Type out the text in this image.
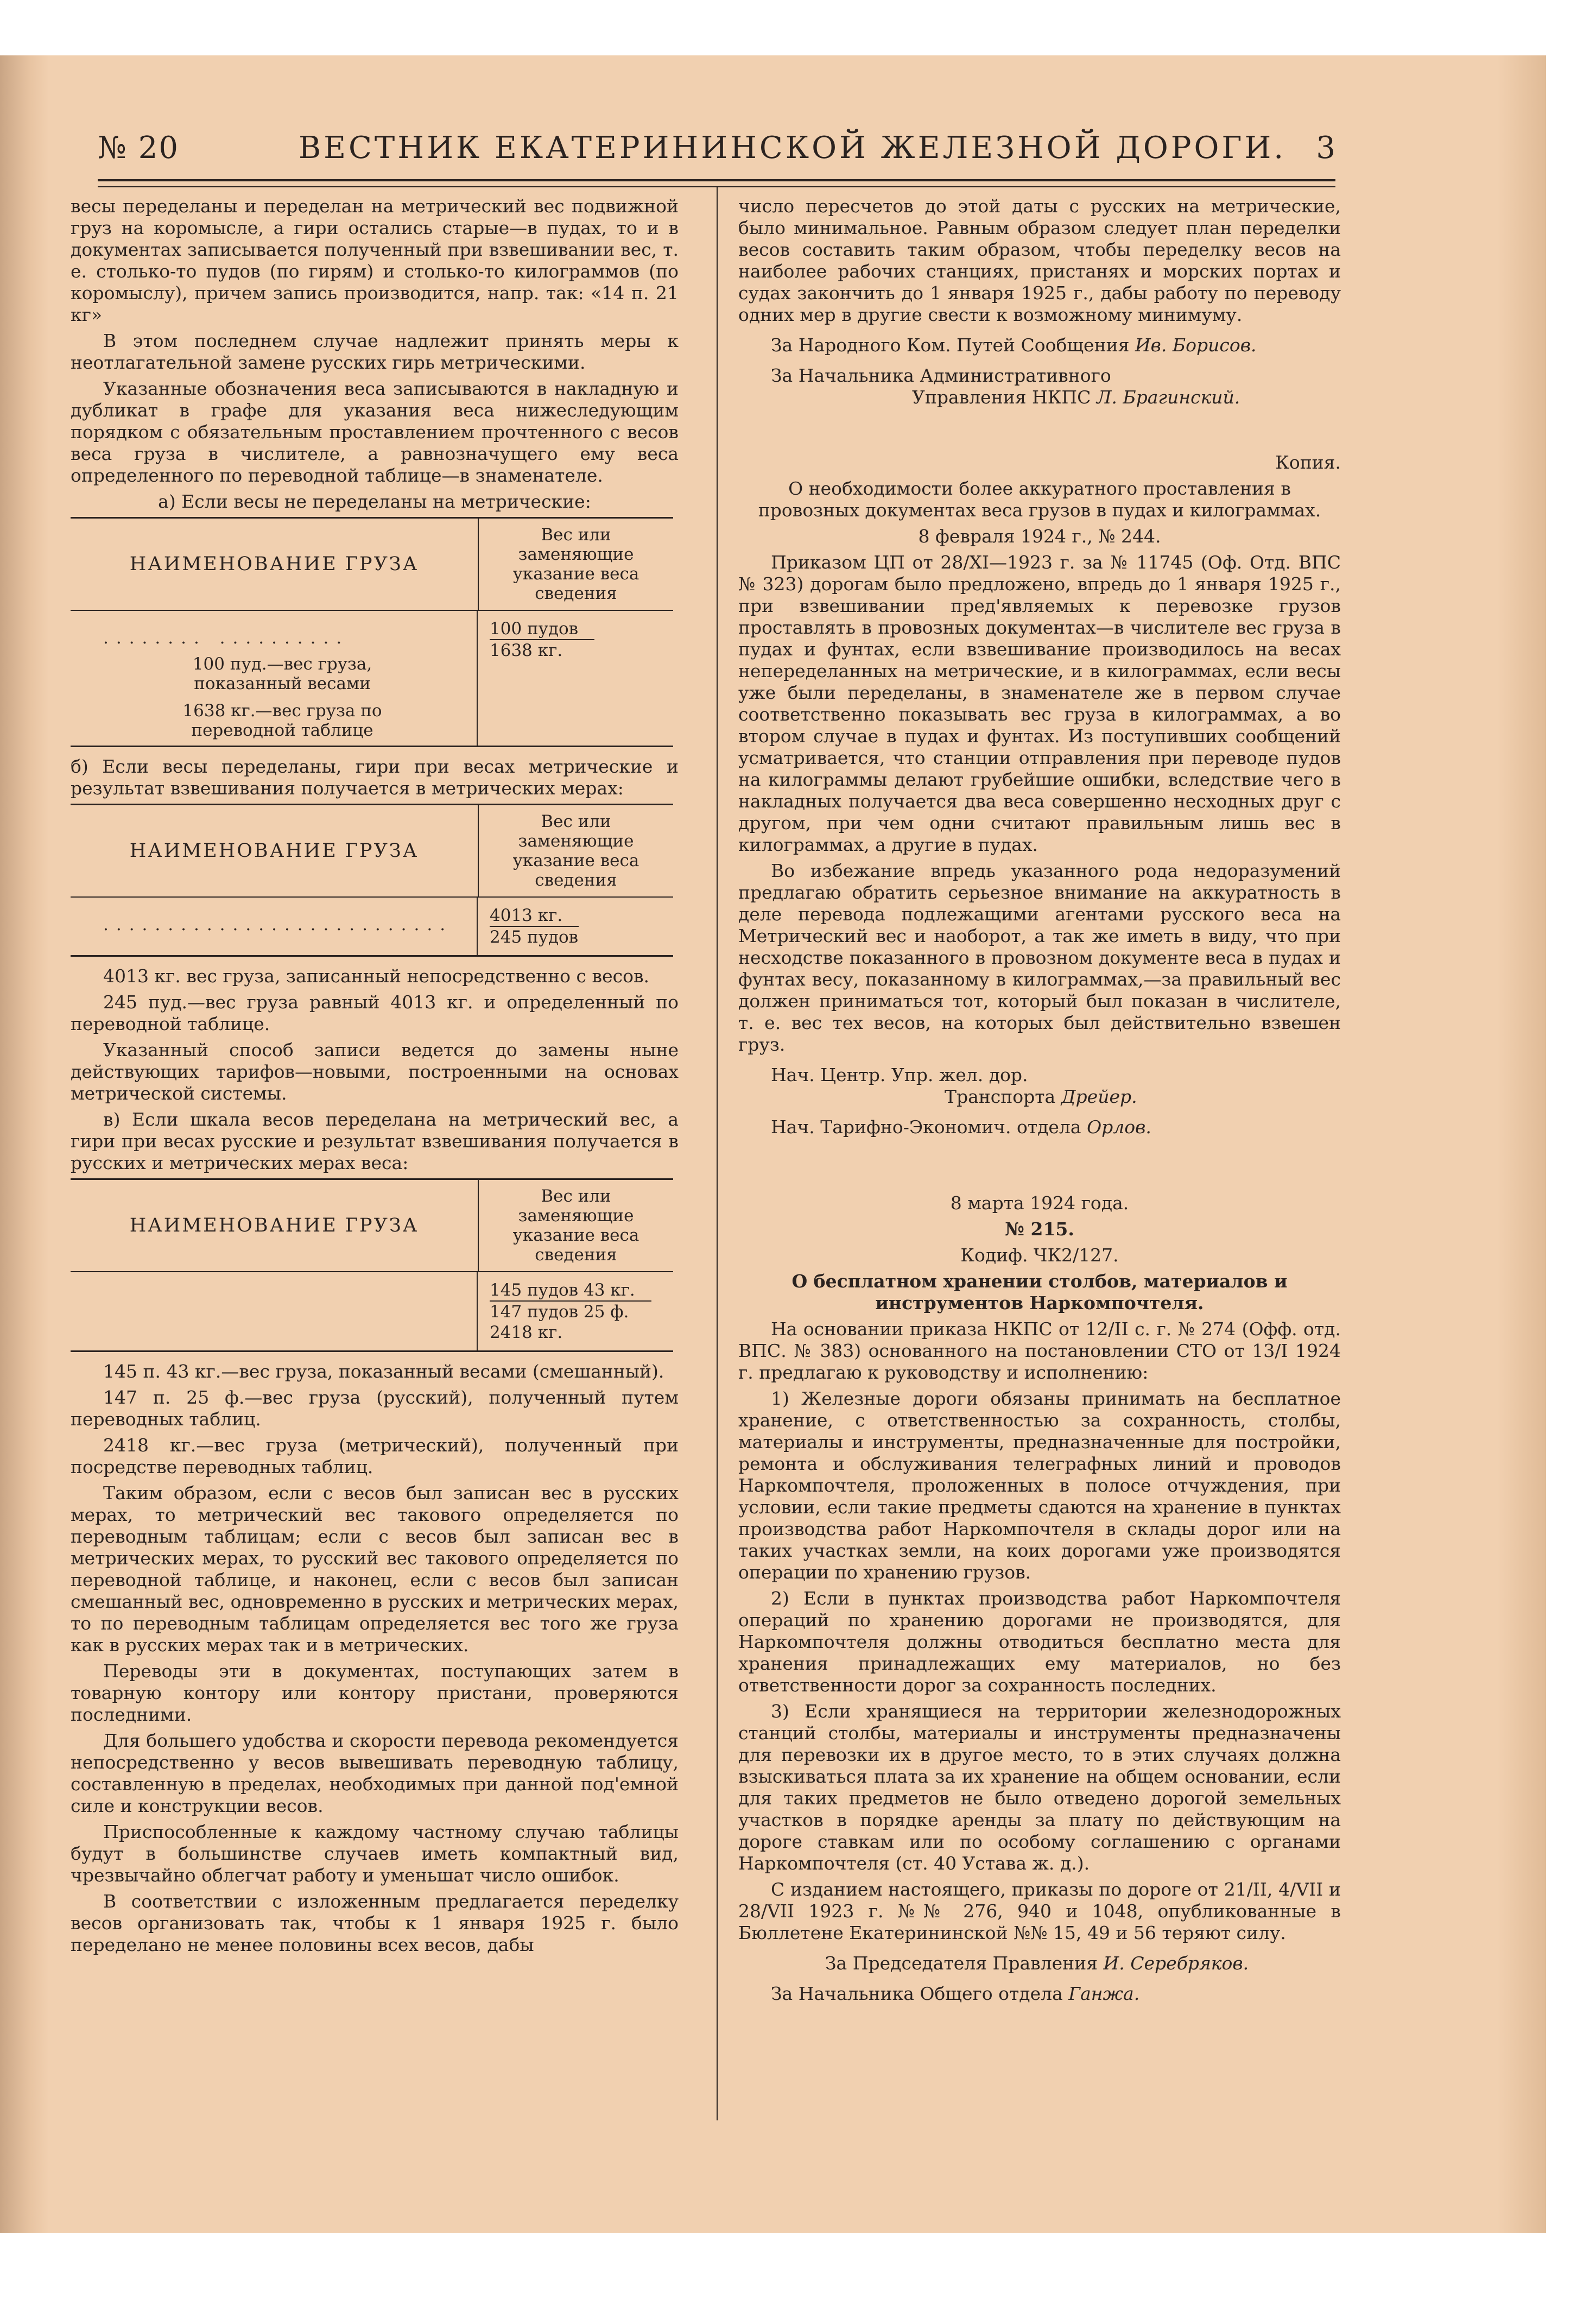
№ 20	ВЕСТНИК ЕКАТЕРИНИНСКОЙ ЖЕЛЕЗНОЙ ДОРОГИ. 3

весы переделаны и переделан на метрический вес подвижной груз на коромысле, а гири остались старые—в пудах, то и в документах записывается полученный при взвешивании вес, т. е. столько-то пудов (по гирям) и столько-то килограммов (по коромыслу), причем запись производится, напр. так: «14 п. 21 кг»

В этом последнем случае надлежит принять меры к неотлагательной замене русских гирь метрическими.

Указанные обозначения веса записываются в накладную и дубликат в графе для указания веса нижеследующим порядком с обязательным проставлением прочтенного с весов веса груза в числителе, а равнозначущего ему веса определенного по переводной таблице—в знаменателе.

а) Если весы не переделаны на метрические:

НАИМЕНОВАНИЕ ГРУЗА
Вес или заменяющие указание веса сведения
........ ..........
100 пуд.—вес груза, показанный весами
1638 кг.—вес груза по переводной таблице
100 пудов
1638 кг.

б) Если весы переделаны, гири при весах метрические и результат взвешивания получается в метрических мерах:

НАИМЕНОВАНИЕ ГРУЗА
Вес или заменяющие указание веса сведения
...........................	4013 кг.
245 пудов

4013 кг. вес груза, записанный непосредственно с весов.

245 пуд.—вес груза равный 4013 кг. и определенный по переводной таблице.

Указанный способ записи ведется до замены ныне действующих тарифов—новыми, построенными на основах метрической системы.

в) Если шкала весов переделана на метрический вес, а гири при весах русские и результат взвешивания получается в русских и метрических мерах веса:

НАИМЕНОВАНИЕ ГРУЗА
Вес или заменяющие указание веса сведения
145 пудов 43 кг.
147 пудов 25 ф.
2418 кг.

145 п. 43 кг.—вес груза, показанный весами (смешанный).

147 п. 25 ф.—вес груза (русский), полученный путем переводных таблиц.

2418 кг.—вес груза (метрический), полученный при посредстве переводных таблиц.

Таким образом, если с весов был записан вес в русских мерах, то метрический вес такового определяется по переводным таблицам; если с весов был записан вес в метрических мерах, то русский вес такового определяется по переводной таблице, и наконец, если с весов был записан смешанный вес, одновременно в русских и метрических мерах, то по переводным таблицам определяется вес того же груза как в русских мерах так и в метрических.

Переводы эти в документах, поступающих затем в товарную контору или контору пристани, проверяются последними.

Для большего удобства и скорости перевода рекомендуется непосредственно у весов вывешивать переводную таблицу, составленную в пределах, необходимых при данной под'емной силе и конструкции весов.

Приспособленные к каждому частному случаю таблицы будут в большинстве случаев иметь компактный вид, чрезвычайно облегчат работу и уменьшат число ошибок.

В соответствии с изложенным предлагается переделку весов организовать так, чтобы к 1 января 1925 г. было переделано не менее половины всех весов, дабы

число пересчетов до этой даты с русских на метрические, было минимальное. Равным образом следует план переделки весов составить таким образом, чтобы переделку весов на наиболее рабочих станциях, пристанях и морских портах и судах закончить до 1 января 1925 г., дабы работу по переводу одних мер в другие свести к возможному минимуму.

За Народного Ком. Путей Сообщения Ив. Борисов.

За Начальника Административного

Управления НКПС Л. Брагинский.

Копия.

О необходимости более аккуратного проставления в провозных документах веса грузов в пудах и килограммах.

8 февраля 1924 г., № 244.

Приказом ЦП от 28/XI—1923 г. за № 11745 (Оф. Отд. ВПС № 323) дорогам было предложено, впредь до 1 января 1925 г., при взвешивании пред'являемых к перевозке грузов проставлять в провозных документах—в числителе вес груза в пудах и фунтах, если взвешивание производилось на весах непеределанных на метрические, и в килограммах, если весы уже были переделаны, в знаменателе же в первом случае соответственно показывать вес груза в килограммах, а во втором случае в пудах и фунтах. Из поступивших сообщений усматривается, что станции отправления при переводе пудов на килограммы делают грубейшие ошибки, вследствие чего в накладных получается два веса совершенно несходных друг с другом, при чем одни считают правильным лишь вес в килограммах, а другие в пудах.

Во избежание впредь указанного рода недоразумений предлагаю обратить серьезное внимание на аккуратность в деле перевода подлежащими агентами русского веса на Метрический вес и наоборот, а так же иметь в виду, что при несходстве показанного в провозном документе веса в пудах и фунтах весу, показанному в килограммах,—за правильный вес должен приниматься тот, который был показан в числителе, т. е. вес тех весов, на которых был действительно взвешен груз.

Нач. Центр. Упр. жел. дор.

Транспорта Дрейер.

Нач. Тарифно-Экономич. отдела Орлов.

8 марта 1924 года.

№ 215.

Кодиф. ЧК2/127.

О бесплатном хранении столбов, материалов и инструментов Наркомпочтеля.

На основании приказа НКПС от 12/II с. г. № 274 (Офф. отд. ВПС. № 383) основанного на постановлении СТО от 13/I 1924 г. предлагаю к руководству и исполнению:

1) Железные дороги обязаны принимать на бесплатное хранение, с ответственностью за сохранность, столбы, материалы и инструменты, предназначенные для постройки, ремонта и обслуживания телеграфных линий и проводов Наркомпочтеля, проложенных в полосе отчуждения, при условии, если такие предметы сдаются на хранение в пунктах производства работ Наркомпочтеля в склады дорог или на таких участках земли, на коих дорогами уже производятся операции по хранению грузов.

2) Если в пунктах производства работ Наркомпочтеля операций по хранению дорогами не производятся, для Наркомпочтеля должны отводиться бесплатно места для хранения принадлежащих ему материалов, но без ответственности дорог за сохранность последних.

3) Если хранящиеся на территории железнодорожных станций столбы, материалы и инструменты предназначены для перевозки их в другое место, то в этих случаях должна взыскиваться плата за их хранение на общем основании, если для таких предметов не было отведено дорогой земельных участков в порядке аренды за плату по действующим на дороге ставкам или по особому соглашению с органами Наркомпочтеля (ст. 40 Устава ж. д.).

С изданием настоящего, приказы по дороге от 21/II, 4/VII и 28/VII 1923 г. №№ 276, 940 и 1048, опубликованные в Бюллетене Екатерининской №№ 15, 49 и 56 теряют силу.

За Председателя Правления И. Серебряков.

За Начальника Общего отдела Ганжа.
